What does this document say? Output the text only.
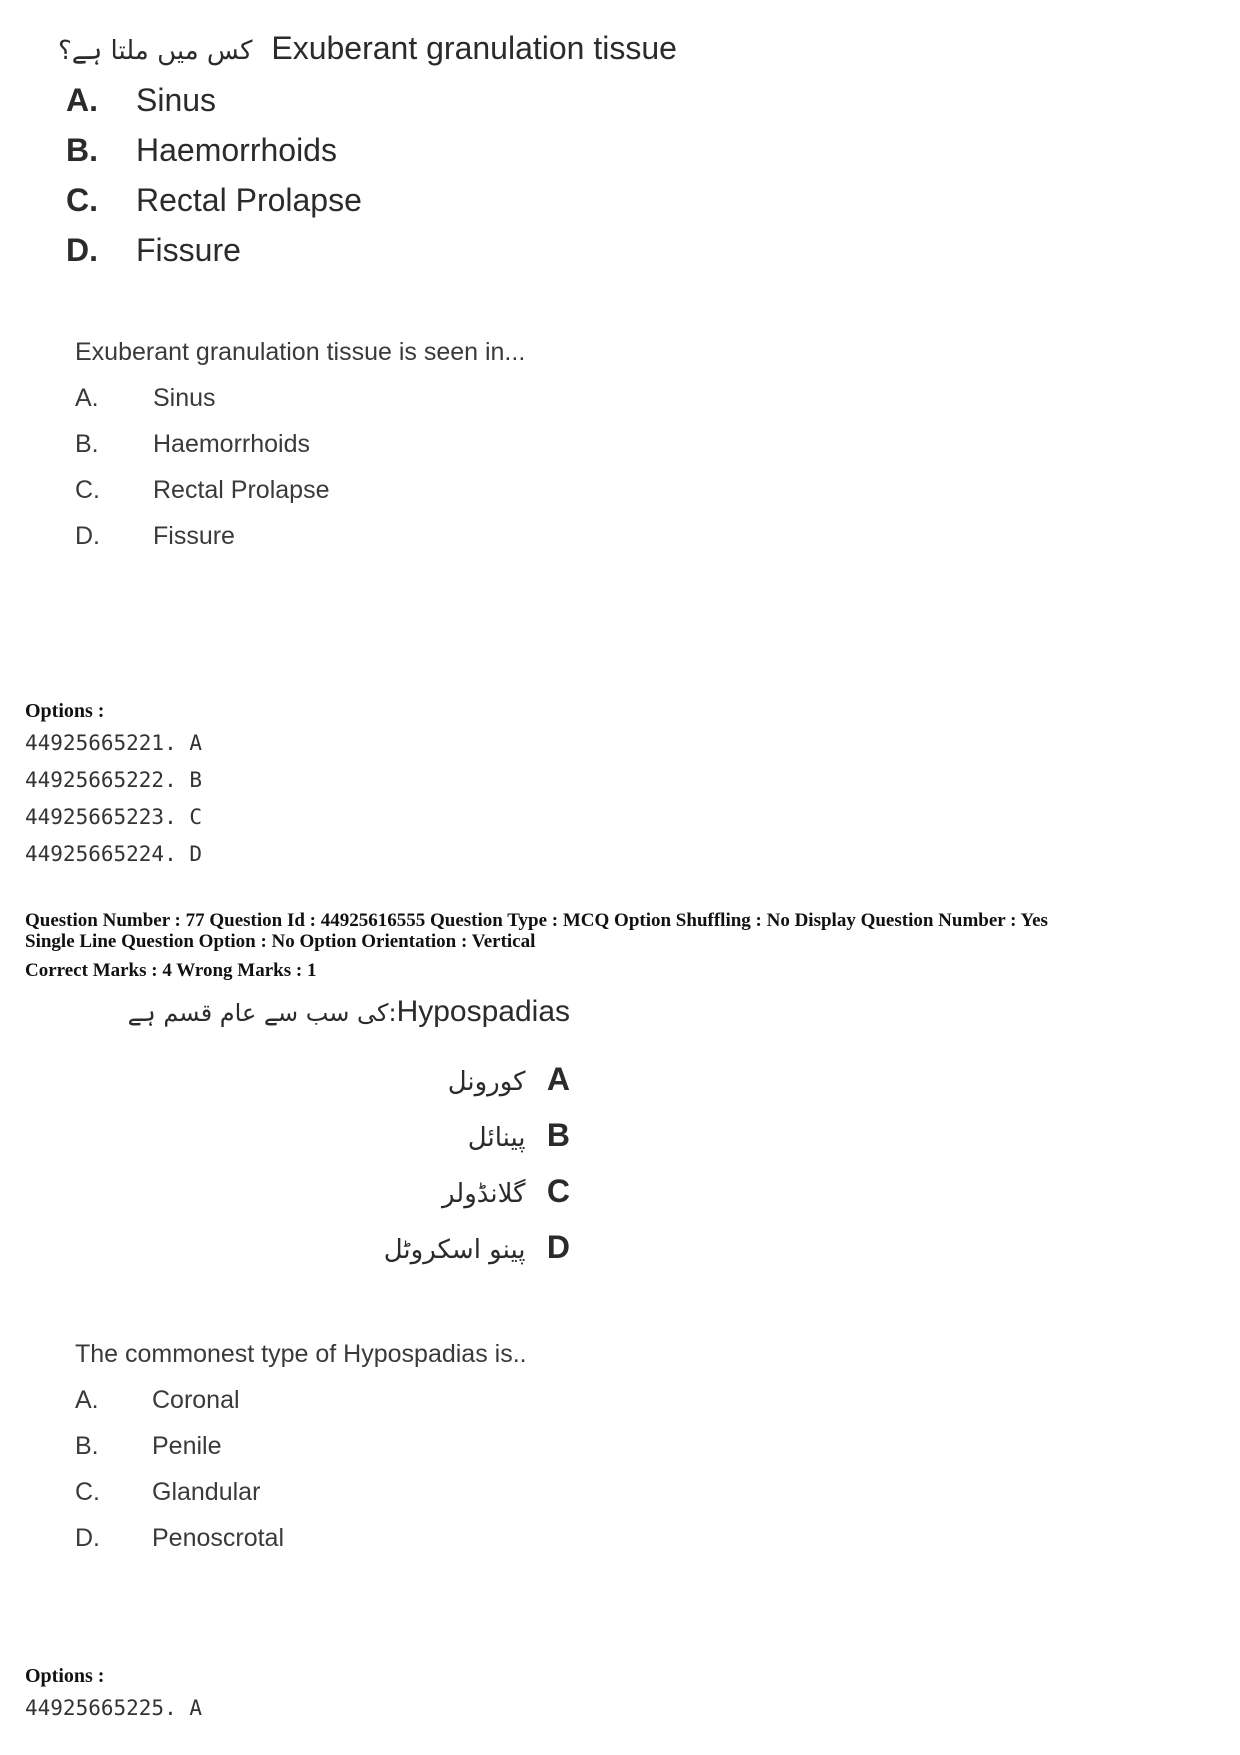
کس میں ملتا ہے؟ Exuberant granulation tissue
A. Sinus
B. Haemorrhoids
C. Rectal Prolapse
D. Fissure
Exuberant granulation tissue is seen in...
A. Sinus
B. Haemorrhoids
C. Rectal Prolapse
D. Fissure
Options :
44925665221. A
44925665222. B
44925665223. C
44925665224. D
Question Number : 77 Question Id : 44925616555 Question Type : MCQ Option Shuffling : No Display Question Number : Yes
Single Line Question Option : No Option Orientation : Vertical
Correct Marks : 4 Wrong Marks : 1
کی سب سے عام قسم ہے:Hypospadias
کورونل A
پینائل B
گلانڈولر C
پینو اسکروٹل D
The commonest type of Hypospadias is..
A. Coronal
B. Penile
C. Glandular
D. Penoscrotal
Options :
44925665225. A
